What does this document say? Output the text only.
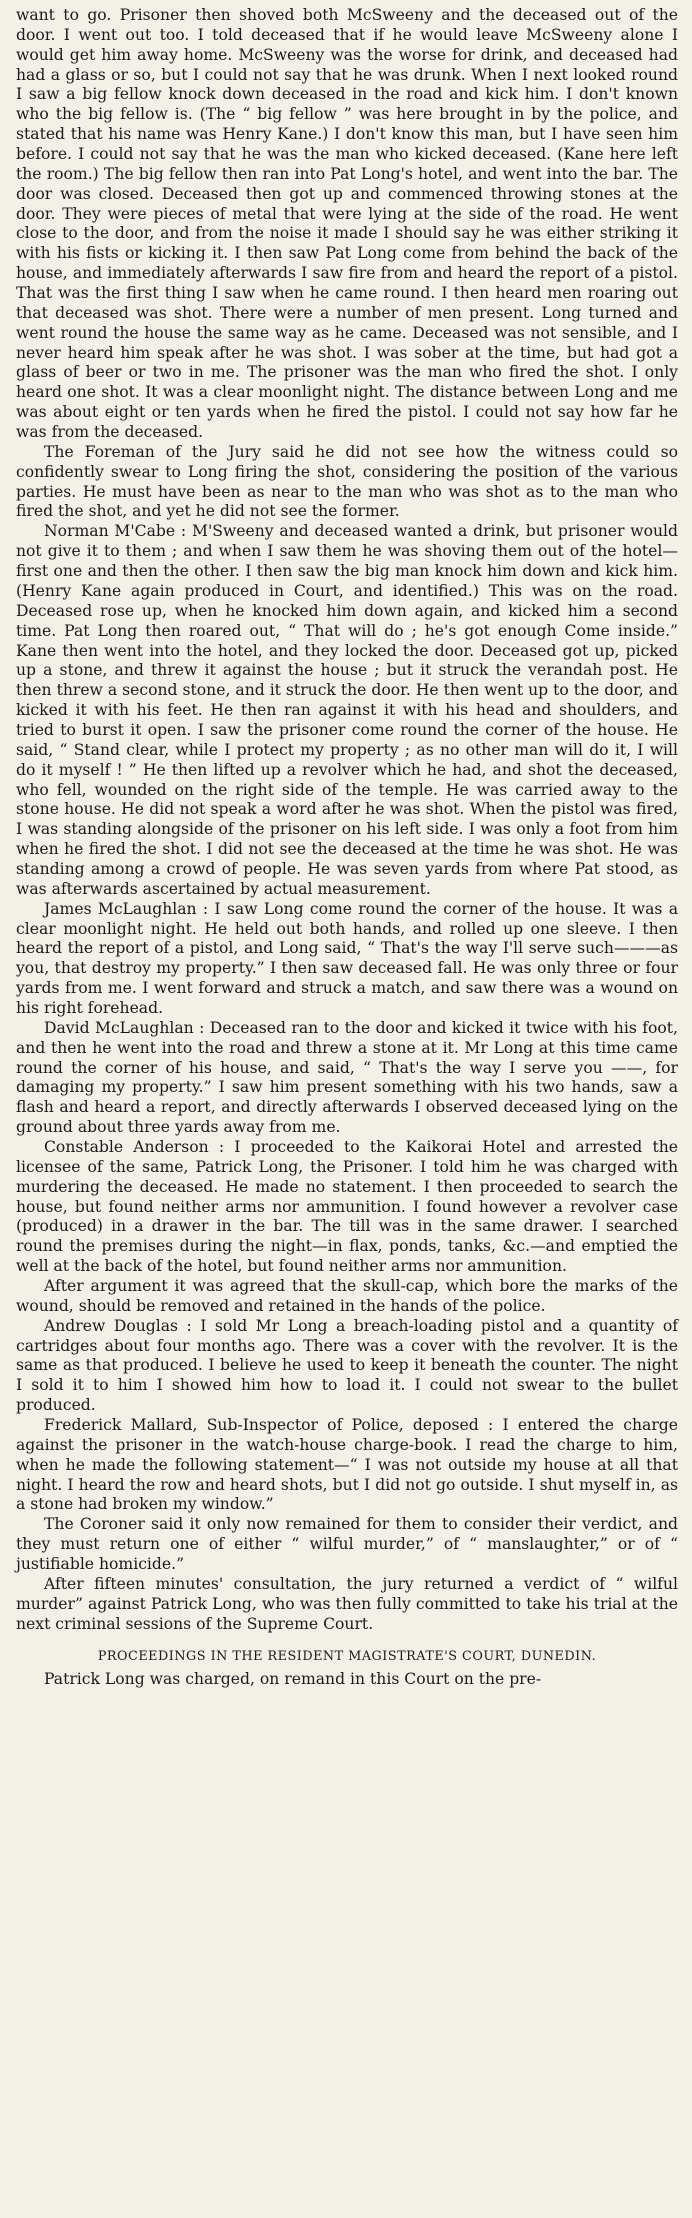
want to go. Prisoner then shoved both McSweeny and the deceased out of the door. I went out too. I told deceased that if he would leave McSweeny alone I would get him away home. McSweeny was the worse for drink, and deceased had had a glass or so, but I could not say that he was drunk. When I next looked round I saw a big fellow knock down deceased in the road and kick him. I don't known who the big fellow is. (The “ big fellow ” was here brought in by the police, and stated that his name was Henry Kane.) I don't know this man, but I have seen him before. I could not say that he was the man who kicked deceased. (Kane here left the room.) The big fellow then ran into Pat Long's hotel, and went into the bar. The door was closed. Deceased then got up and commenced throwing stones at the door. They were pieces of metal that were lying at the side of the road. He went close to the door, and from the noise it made I should say he was either striking it with his fists or kicking it. I then saw Pat Long come from behind the back of the house, and immediately afterwards I saw fire from and heard the report of a pistol. That was the first thing I saw when he came round. I then heard men roaring out that deceased was shot. There were a number of men present. Long turned and went round the house the same way as he came. Deceased was not sensible, and I never heard him speak after he was shot. I was sober at the time, but had got a glass of beer or two in me. The prisoner was the man who fired the shot. I only heard one shot. It was a clear moonlight night. The distance between Long and me was about eight or ten yards when he fired the pistol. I could not say how far he was from the deceased.

The Foreman of the Jury said he did not see how the witness could so confidently swear to Long firing the shot, considering the position of the various parties. He must have been as near to the man who was shot as to the man who fired the shot, and yet he did not see the former.

Norman M'Cabe : M'Sweeny and deceased wanted a drink, but prisoner would not give it to them ; and when I saw them he was shoving them out of the hotel—first one and then the other. I then saw the big man knock him down and kick him. (Henry Kane again produced in Court, and identified.) This was on the road. Deceased rose up, when he knocked him down again, and kicked him a second time. Pat Long then roared out, “ That will do ; he's got enough Come inside.” Kane then went into the hotel, and they locked the door. Deceased got up, picked up a stone, and threw it against the house ; but it struck the verandah post. He then threw a second stone, and it struck the door. He then went up to the door, and kicked it with his feet. He then ran against it with his head and shoulders, and tried to burst it open. I saw the prisoner come round the corner of the house. He said, “ Stand clear, while I protect my property ; as no other man will do it, I will do it myself ! ” He then lifted up a revolver which he had, and shot the deceased, who fell, wounded on the right side of the temple. He was carried away to the stone house. He did not speak a word after he was shot. When the pistol was fired, I was standing alongside of the prisoner on his left side. I was only a foot from him when he fired the shot. I did not see the deceased at the time he was shot. He was standing among a crowd of people. He was seven yards from where Pat stood, as was afterwards ascertained by actual measurement.

James McLaughlan : I saw Long come round the corner of the house. It was a clear moonlight night. He held out both hands, and rolled up one sleeve. I then heard the report of a pistol, and Long said, “ That's the way I'll serve such———as you, that destroy my property.” I then saw deceased fall. He was only three or four yards from me. I went forward and struck a match, and saw there was a wound on his right forehead.

David McLaughlan : Deceased ran to the door and kicked it twice with his foot, and then he went into the road and threw a stone at it. Mr Long at this time came round the corner of his house, and said, “ That's the way I serve you ——, for damaging my property.” I saw him present something with his two hands, saw a flash and heard a report, and directly afterwards I observed deceased lying on the ground about three yards away from me.

Constable Anderson : I proceeded to the Kaikorai Hotel and arrested the licensee of the same, Patrick Long, the Prisoner. I told him he was charged with murdering the deceased. He made no statement. I then proceeded to search the house, but found neither arms nor ammunition. I found however a revolver case (produced) in a drawer in the bar. The till was in the same drawer. I searched round the premises during the night—in flax, ponds, tanks, &c.—and emptied the well at the back of the hotel, but found neither arms nor ammunition.

After argument it was agreed that the skull-cap, which bore the marks of the wound, should be removed and retained in the hands of the police.

Andrew Douglas : I sold Mr Long a breach-loading pistol and a quantity of cartridges about four months ago. There was a cover with the revolver. It is the same as that produced. I believe he used to keep it beneath the counter. The night I sold it to him I showed him how to load it. I could not swear to the bullet produced.

Frederick Mallard, Sub-Inspector of Police, deposed : I entered the charge against the prisoner in the watch-house charge-book. I read the charge to him, when he made the following statement—“ I was not outside my house at all that night. I heard the row and heard shots, but I did not go outside. I shut myself in, as a stone had broken my window.”

The Coroner said it only now remained for them to consider their verdict, and they must return one of either “ wilful murder,” of “ manslaughter,” or of “ justifiable homicide.”

After fifteen minutes' consultation, the jury returned a verdict of “ wilful murder” against Patrick Long, who was then fully committed to take his trial at the next criminal sessions of the Supreme Court.

PROCEEDINGS IN THE RESIDENT MAGISTRATE'S COURT, DUNEDIN.

Patrick Long was charged, on remand in this Court on the pre-
